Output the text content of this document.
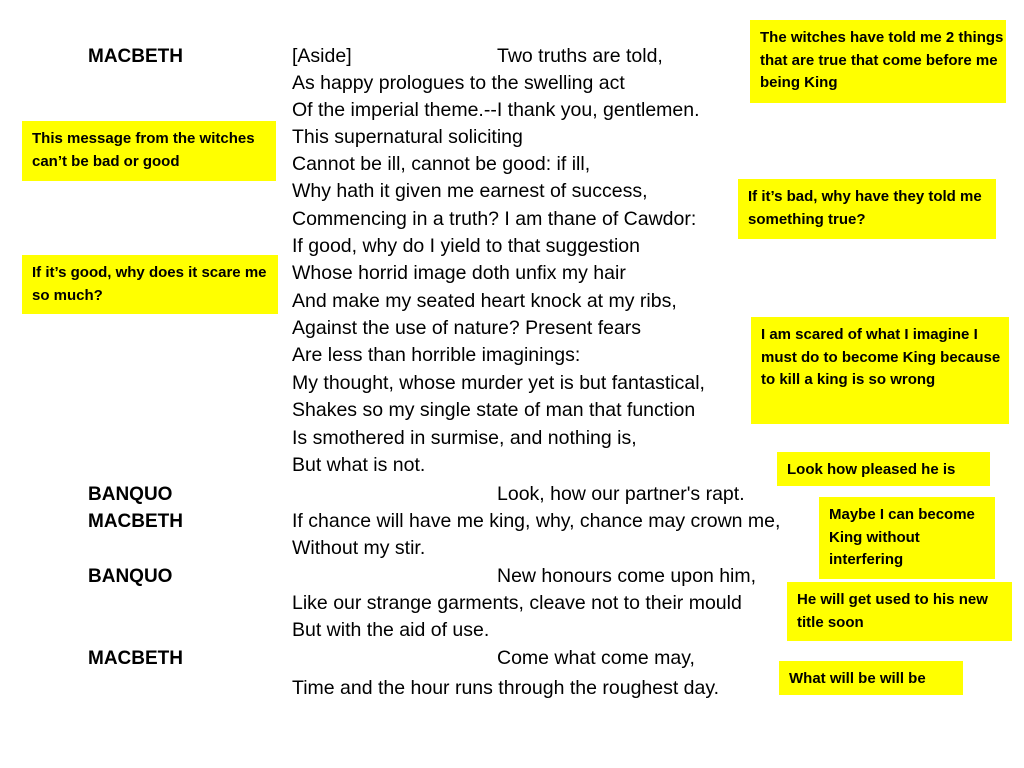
MACBETH
BANQUO
MACBETH
BANQUO
MACBETH
[Aside]	Two truths are told,
As happy prologues to the swelling act
Of the imperial theme.--I thank you, gentlemen.
This supernatural soliciting
Cannot be ill, cannot be good: if ill,
Why hath it given me earnest of success,
Commencing in a truth? I am thane of Cawdor:
If good, why do I yield to that suggestion
Whose horrid image doth unfix my hair
And make my seated heart knock at my ribs,
Against the use of nature? Present fears
Are less than horrible imaginings:
My thought, whose murder yet is but fantastical,
Shakes so my single state of man that function
Is smothered in surmise, and nothing is,
But what is not.
Look, how our partner's rapt.
If chance will have me king, why, chance may crown me,
Without my stir.
New honours come upon him,
Like our strange garments, cleave not to their mould
But with the aid of use.
Come what come may,
Time and the hour runs through the roughest day.
The witches have told me 2 things that are true that come before me being King
This message from the witches can’t be bad or good
If it’s bad, why have they told me something true?
If it’s good, why does it scare me so much?
I am scared of what I imagine I must do to become King because to kill a king is so wrong
Look how pleased he is
Maybe I can become King without interfering
He will get used to his new title soon
What will be will be
